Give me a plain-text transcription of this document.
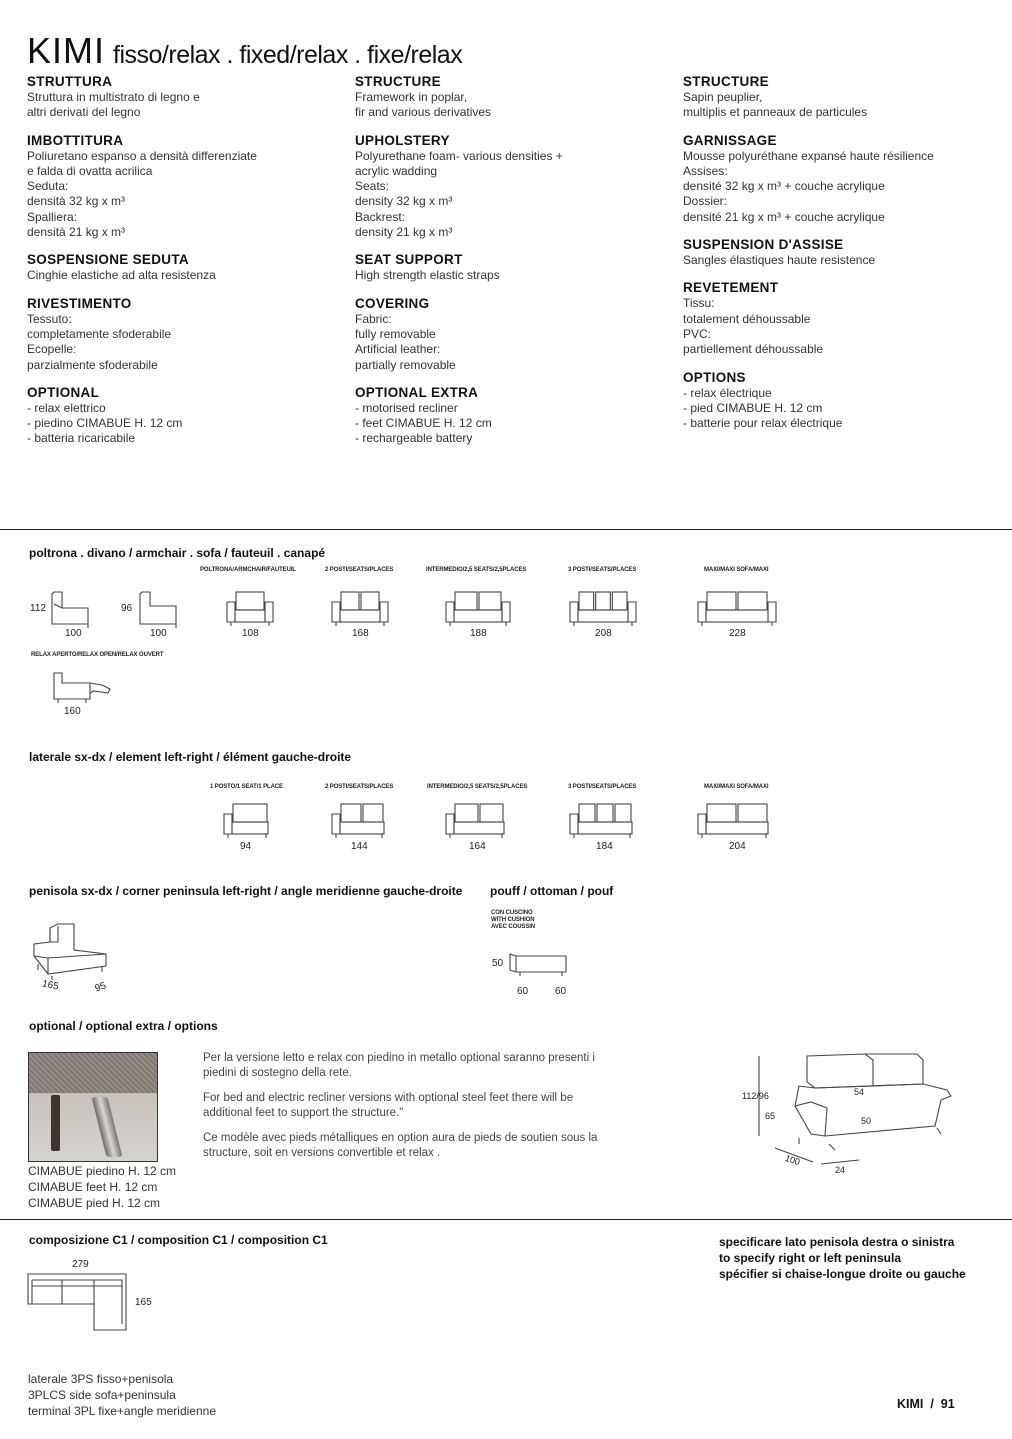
KIMI fisso/relax . fixed/relax . fixe/relax
STRUTTURA
Struttura in multistrato di legno e
altri derivati del legno
IMBOTTITURA
Poliuretano espanso a densità differenziate
e falda di ovatta acrilica
Seduta:
densità 32 kg x m³
Spalliera:
densità 21 kg x m³
SOSPENSIONE SEDUTA
Cinghie elastiche ad alta resistenza
RIVESTIMENTO
Tessuto:
completamente sfoderabile
Ecopelle:
parzialmente sfoderabile
OPTIONAL
- relax elettrico
- piedino CIMABUE H. 12 cm
- batteria ricaricabile
STRUCTURE
Framework in poplar,
fir and various derivatives
UPHOLSTERY
Polyurethane foam- various densities +
acrylic wadding
Seats:
density 32 kg x m³
Backrest:
density 21 kg x m³
SEAT SUPPORT
High strength elastic straps
COVERING
Fabric:
fully removable
Artificial leather:
partially removable
OPTIONAL EXTRA
- motorised recliner
- feet CIMABUE H. 12 cm
- rechargeable battery
STRUCTURE
Sapin peuplier,
multiplis et panneaux de particules
GARNISSAGE
Mousse polyuréthane expansé haute résilience
Assises:
densité 32 kg x m³ + couche acrylique
Dossier:
densité 21 kg x m³ + couche acrylique
SUSPENSION D'ASSISE
Sangles élastiques haute resistence
REVETEMENT
Tissu:
totalement déhoussable
PVC:
partiellement déhoussable
OPTIONS
- relax électrique
- pied CIMABUE H. 12 cm
- batterie pour relax électrique
poltrona . divano / armchair . sofa / fauteuil . canapé
112
100
96
100
POLTRONA/ARMCHAIR/FAUTEUIL
108
2 POSTI/SEATS/PLACES
168
INTERMEDIO/2,5 SEATS/2,5PLACES
188
3 POSTI/SEATS/PLACES
208
MAXI/MAXI SOFA/MAXI
228
RELAX APERTO/RELAX OPEN/RELAX OUVERT
160
laterale sx-dx / element left-right / élément gauche-droite
1 POSTO/1 SEAT/1 PLACE
94
2 POSTI/SEATS/PLACES
144
INTERMEDIO/2,5 SEATS/2,5PLACES
164
3 POSTI/SEATS/PLACES
184
MAXI/MAXI SOFA/MAXI
204
penisola sx-dx / corner peninsula left-right / angle meridienne gauche-droite
165	95
pouff / ottoman / pouf
CON CUSCINO
WITH CUSHION
AVEC COUSSIN
50
60	60
optional / optional extra / options

Per la versione letto e relax con piedino in metallo optional saranno presenti i piedini di sostegno della rete.

For bed and electric recliner versions with optional steel feet there will be additional feet to support the structure."

Ce modèle avec pieds métalliques en option aura de pieds de soutien sous la structure, soit en versions convertible et relax .

CIMABUE piedino H. 12 cm
CIMABUE feet H. 12 cm
CIMABUE pied H. 12 cm
112/96
65
54
50
100
24
composizione C1 / composition C1 / composition C1
279
165
laterale 3PS fisso+penisola
3PLCS side sofa+peninsula
terminal 3PL fixe+angle meridienne
specificare lato penisola destra o sinistra
to specify right or left peninsula
spécifier si chaise-longue droite ou gauche
KIMI  /  91
